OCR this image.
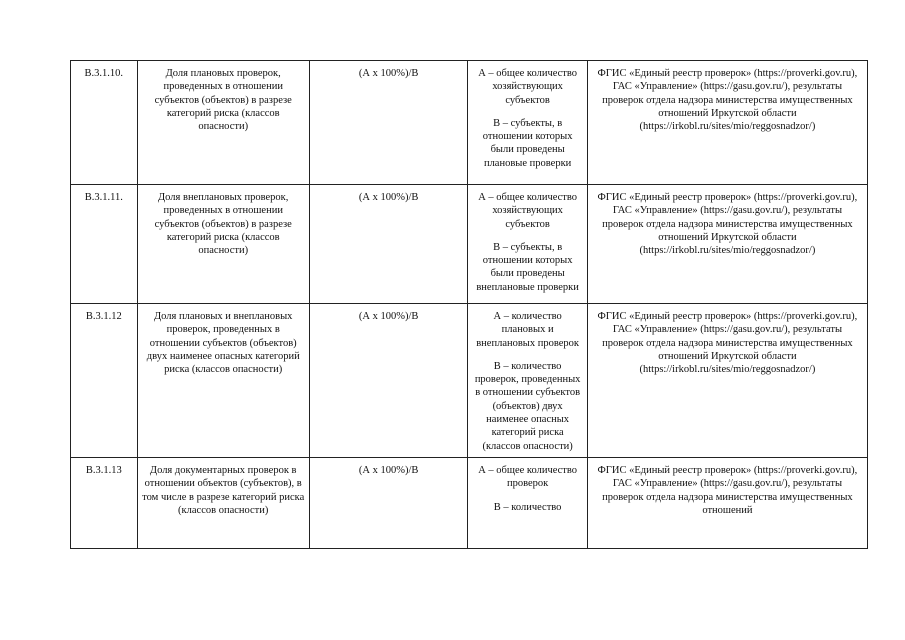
В.3.1.10.	Доля плановых проверок, проведенных в отношении субъектов (объектов) в разрезе категорий риска (классов опасности)	(А х 100%)/В	А – общее количество хозяйствующих субъектов

В – субъекты, в отношении которых были проведены плановые проверки	ФГИС «Единый реестр проверок» (https://proverki.gov.ru), ГАС «Управление» (https://gasu.gov.ru/), результаты проверок отдела надзора министерства имущественных отношений Иркутской области (https://irkobl.ru/sites/mio/reggosnadzor/)
В.3.1.11.	Доля внеплановых проверок, проведенных в отношении субъектов (объектов) в разрезе категорий риска (классов опасности)	(А х 100%)/В	А – общее количество хозяйствующих субъектов

В – субъекты, в отношении которых были проведены внеплановые проверки	ФГИС «Единый реестр проверок» (https://proverki.gov.ru), ГАС «Управление» (https://gasu.gov.ru/), результаты проверок отдела надзора министерства имущественных отношений Иркутской области (https://irkobl.ru/sites/mio/reggosnadzor/)
В.3.1.12	Доля плановых и внеплановых проверок, проведенных в отношении субъектов (объектов) двух наименее опасных категорий риска (классов опасности)	(А х 100%)/В	А – количество плановых и внеплановых проверок

В – количество проверок, проведенных в отношении субъектов (объектов) двух наименее опасных категорий риска (классов опасности)	ФГИС «Единый реестр проверок» (https://proverki.gov.ru), ГАС «Управление» (https://gasu.gov.ru/), результаты проверок отдела надзора министерства имущественных отношений Иркутской области (https://irkobl.ru/sites/mio/reggosnadzor/)
В.3.1.13	Доля документарных проверок в отношении объектов (субъектов), в том числе в разрезе категорий риска (классов опасности)	(А х 100%)/В	А – общее количество проверок

В – количество	ФГИС «Единый реестр проверок» (https://proverki.gov.ru), ГАС «Управление» (https://gasu.gov.ru/), результаты проверок отдела надзора министерства имущественных отношений
